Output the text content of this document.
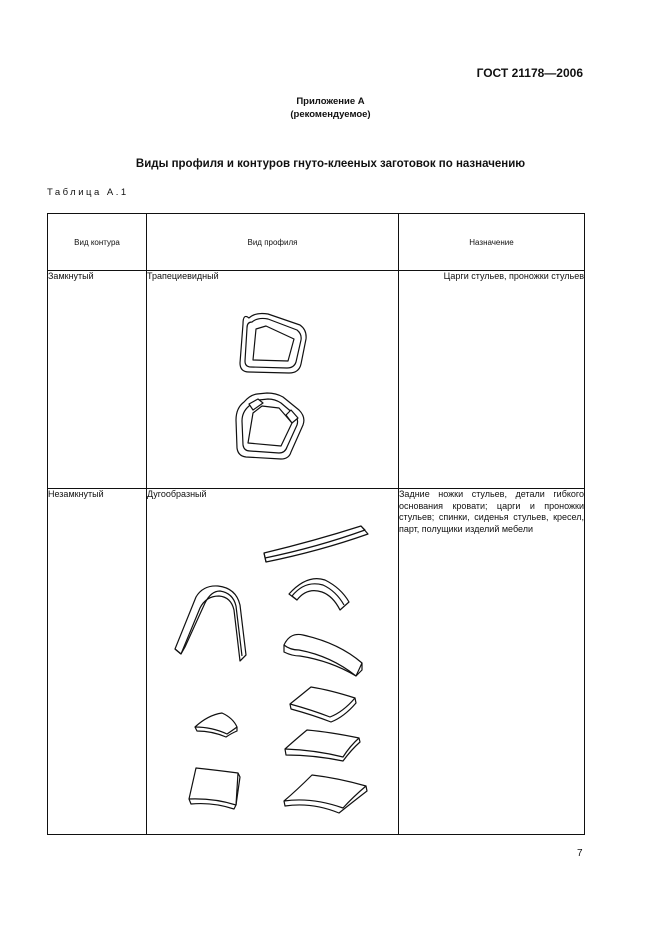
ГОСТ 21178—2006
Приложение А
(рекомендуемое)
Виды профиля и контуров гнуто-клееных заготовок по назначению
Таблица А.1
Вид контура	Вид профиля	Назначение
Замкнутый	Трапециевидный	Царги стульев, проножки стульев
Незамкнутый	Дугообразный	Задние ножки стульев, детали гибкого основания кровати; царги и проножки стульев; спинки, сиденья стульев, кресел, парт, полущики изделий мебели
7
